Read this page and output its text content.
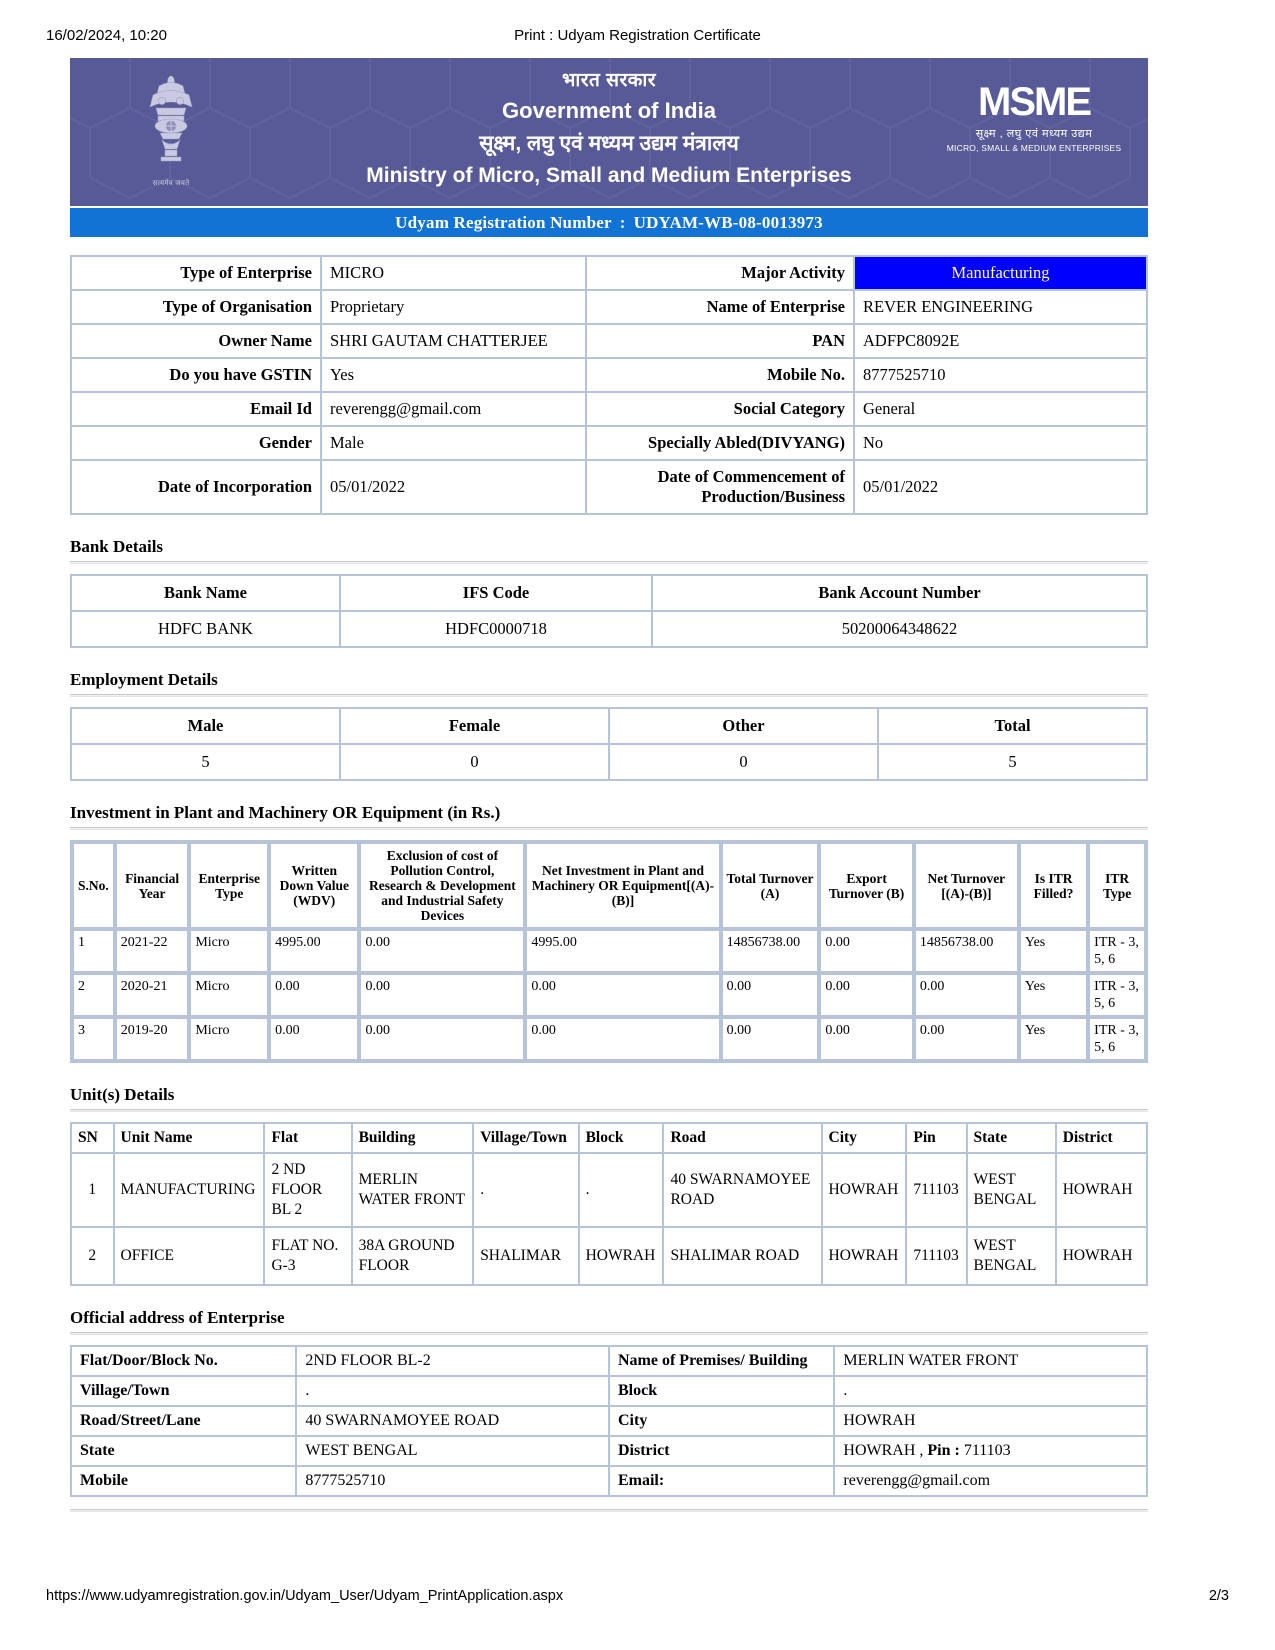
16/02/2024, 10:20	Print : Udyam Registration Certificate
सत्यमेव जयते
भारत सरकार
Government of India
सूक्ष्म, लघु एवं मध्यम उद्यम मंत्रालय
Ministry of Micro, Small and Medium Enterprises
MSME
सूक्ष्म , लघु एवं मध्यम उद्यम
MICRO, SMALL & MEDIUM ENTERPRISES
Udyam Registration Number : UDYAM-WB-08-0013973
Type of Enterprise	MICRO	Major Activity	Manufacturing
Type of Organisation	Proprietary	Name of Enterprise	REVER ENGINEERING
Owner Name	SHRI GAUTAM CHATTERJEE	PAN	ADFPC8092E
Do you have GSTIN	Yes	Mobile No.	8777525710
Email Id	reverengg@gmail.com	Social Category	General
Gender	Male	Specially Abled(DIVYANG)	No
Date of Incorporation	05/01/2022	Date of Commencement of Production/Business	05/01/2022
Bank Details
Bank Name	IFS Code	Bank Account Number
HDFC BANK	HDFC0000718	50200064348622
Employment Details
Male	Female	Other	Total
5	0	0	5
Investment in Plant and Machinery OR Equipment (in Rs.)
S.No.	Financial Year	Enterprise Type	Written Down Value (WDV)	Exclusion of cost of Pollution Control, Research & Development and Industrial Safety Devices	Net Investment in Plant and Machinery OR Equipment[(A)-(B)]	Total Turnover (A)	Export Turnover (B)	Net Turnover [(A)-(B)]	Is ITR Filled?	ITR Type
1	2021-22	Micro	4995.00	0.00	4995.00	14856738.00	0.00	14856738.00	Yes	ITR - 3, 5, 6
2	2020-21	Micro	0.00	0.00	0.00	0.00	0.00	0.00	Yes	ITR - 3, 5, 6
3	2019-20	Micro	0.00	0.00	0.00	0.00	0.00	0.00	Yes	ITR - 3, 5, 6
Unit(s) Details
SN	Unit Name	Flat	Building	Village/Town	Block	Road	City	Pin	State	District
1	MANUFACTURING	2 ND FLOOR BL 2	MERLIN WATER FRONT	.	.	40 SWARNAMOYEE ROAD	HOWRAH	711103	WEST BENGAL	HOWRAH
2	OFFICE	FLAT NO. G-3	38A GROUND FLOOR	SHALIMAR	HOWRAH	SHALIMAR ROAD	HOWRAH	711103	WEST BENGAL	HOWRAH
Official address of Enterprise
Flat/Door/Block No.	2ND FLOOR BL-2	Name of Premises/ Building	MERLIN WATER FRONT
Village/Town	.	Block	.
Road/Street/Lane	40 SWARNAMOYEE ROAD	City	HOWRAH
State	WEST BENGAL	District	HOWRAH , Pin : 711103
Mobile	8777525710	Email:	reverengg@gmail.com
https://www.udyamregistration.gov.in/Udyam_User/Udyam_PrintApplication.aspx	2/3
